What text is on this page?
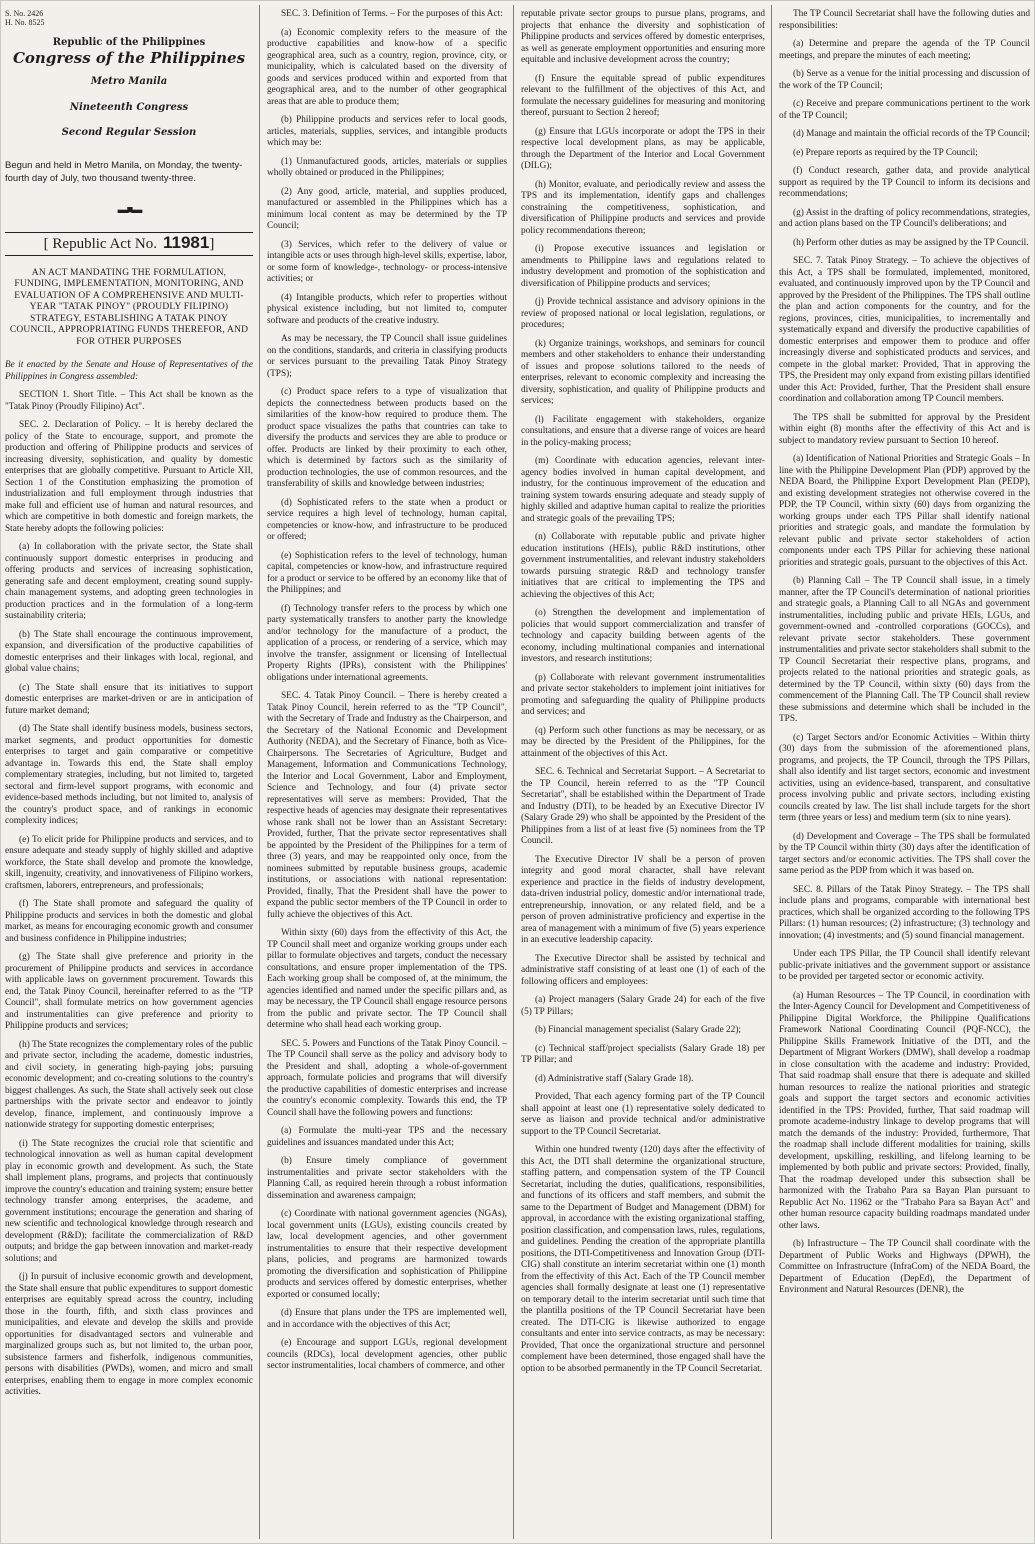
S. No. 2426
H. No. 8525
Republic of the Philippines
Congress of the Philippines
Metro Manila
Nineteenth Congress
Second Regular Session

Begun and held in Metro Manila, on Monday, the twenty-fourth day of July, two thousand twenty-three.

▬■▬
[ Republic Act No. 11981]

AN ACT MANDATING THE FORMULATION, FUNDING, IMPLEMENTATION, MONITORING, AND EVALUATION OF A COMPREHENSIVE AND MULTI-YEAR "TATAK PINOY" (PROUDLY FILIPINO) STRATEGY, ESTABLISHING A TATAK PINOY COUNCIL, APPROPRIATING FUNDS THEREFOR, AND FOR OTHER PURPOSES

Be it enacted by the Senate and House of Representatives of the Philippines in Congress assembled:

SECTION 1. Short Title. – This Act shall be known as the "Tatak Pinoy (Proudly Filipino) Act".

SEC. 2. Declaration of Policy. – It is hereby declared the policy of the State to encourage, support, and promote the production and offering of Philippine products and services of increasing diversity, sophistication, and quality by domestic enterprises that are globally competitive. Pursuant to Article XII, Section 1 of the Constitution emphasizing the promotion of industrialization and full employment through industries that make full and efficient use of human and natural resources, and which are competitive in both domestic and foreign markets, the State hereby adopts the following policies:

(a) In collaboration with the private sector, the State shall continuously support domestic enterprises in producing and offering products and services of increasing sophistication, generating safe and decent employment, creating sound supply-chain management systems, and adopting green technologies in production practices and in the formulation of a long-term sustainability criteria;

(b) The State shall encourage the continuous improvement, expansion, and diversification of the productive capabilities of domestic enterprises and their linkages with local, regional, and global value chains;

(c) The State shall ensure that its initiatives to support domestic enterprises are market-driven or are in anticipation of future market demand;

(d) The State shall identify business models, business sectors, market segments, and product opportunities for domestic enterprises to target and gain comparative or competitive advantage in. Towards this end, the State shall employ complementary strategies, including, but not limited to, targeted sectoral and firm-level support programs, with economic and evidence-based methods including, but not limited to, analysis of the country's product space, and of rankings in economic complexity indices;

(e) To elicit pride for Philippine products and services, and to ensure adequate and steady supply of highly skilled and adaptive workforce, the State shall develop and promote the knowledge, skill, ingenuity, creativity, and innovativeness of Filipino workers, craftsmen, laborers, entrepreneurs, and professionals;

(f) The State shall promote and safeguard the quality of Philippine products and services in both the domestic and global market, as means for encouraging economic growth and consumer and business confidence in Philippine industries;

(g) The State shall give preference and priority in the procurement of Philippine products and services in accordance with applicable laws on government procurement. Towards this end, the Tatak Pinoy Council, hereinafter referred to as the "TP Council", shall formulate metrics on how government agencies and instrumentalities can give preference and priority to Philippine products and services;

(h) The State recognizes the complementary roles of the public and private sector, including the academe, domestic industries, and civil society, in generating high-paying jobs; pursuing economic development; and co-creating solutions to the country's biggest challenges. As such, the State shall actively seek out close partnerships with the private sector and endeavor to jointly develop, finance, implement, and continuously improve a nationwide strategy for supporting domestic enterprises;

(i) The State recognizes the crucial role that scientific and technological innovation as well as human capital development play in economic growth and development. As such, the State shall implement plans, programs, and projects that continuously improve the country's education and training system; ensure better technology transfer among enterprises, the academe, and government institutions; encourage the generation and sharing of new scientific and technological knowledge through research and development (R&D); facilitate the commercialization of R&D outputs; and bridge the gap between innovation and market-ready solutions; and

(j) In pursuit of inclusive economic growth and development, the State shall ensure that public expenditures to support domestic enterprises are equitably spread across the country, including those in the fourth, fifth, and sixth class provinces and municipalities, and elevate and develop the skills and provide opportunities for disadvantaged sectors and vulnerable and marginalized groups such as, but not limited to, the urban poor, subsistence farmers and fisherfolk, indigenous communities, persons with disabilities (PWDs), women, and micro and small enterprises, enabling them to engage in more complex economic activities.

SEC. 3. Definition of Terms. – For the purposes of this Act:

(a) Economic complexity refers to the measure of the productive capabilities and know-how of a specific geographical area, such as a country, region, province, city, or municipality, which is calculated based on the diversity of goods and services produced within and exported from that geographical area, and to the number of other geographical areas that are able to produce them;

(b) Philippine products and services refer to local goods, articles, materials, supplies, services, and intangible products which may be:

(1) Unmanufactured goods, articles, materials or supplies wholly obtained or produced in the Philippines;

(2) Any good, article, material, and supplies produced, manufactured or assembled in the Philippines which has a minimum local content as may be determined by the TP Council;

(3) Services, which refer to the delivery of value or intangible acts or uses through high-level skills, expertise, labor, or some form of knowledge-, technology- or process-intensive activities; or

(4) Intangible products, which refer to properties without physical existence including, but not limited to, computer software and products of the creative industry.

As may be necessary, the TP Council shall issue guidelines on the conditions, standards, and criteria in classifying products or services pursuant to the prevailing Tatak Pinoy Strategy (TPS);

(c) Product space refers to a type of visualization that depicts the connectedness between products based on the similarities of the know-how required to produce them. The product space visualizes the paths that countries can take to diversify the products and services they are able to produce or offer. Products are linked by their proximity to each other, which is determined by factors such as the similarity of production technologies, the use of common resources, and the transferability of skills and knowledge between industries;

(d) Sophisticated refers to the state when a product or service requires a high level of technology, human capital, competencies or know-how, and infrastructure to be produced or offered;

(e) Sophistication refers to the level of technology, human capital, competencies or know-how, and infrastructure required for a product or service to be offered by an economy like that of the Philippines; and

(f) Technology transfer refers to the process by which one party systematically transfers to another party the knowledge and/or technology for the manufacture of a product, the application of a process, or rendering of a service, which may involve the transfer, assignment or licensing of Intellectual Property Rights (IPRs), consistent with the Philippines' obligations under international agreements.

SEC. 4. Tatak Pinoy Council. – There is hereby created a Tatak Pinoy Council, herein referred to as the "TP Council", with the Secretary of Trade and Industry as the Chairperson, and the Secretary of the National Economic and Development Authority (NEDA), and the Secretary of Finance, both as Vice-Chairpersons. The Secretaries of Agriculture, Budget and Management, Information and Communications Technology, the Interior and Local Government, Labor and Employment, Science and Technology, and four (4) private sector representatives will serve as members: Provided, That the respective heads of agencies may designate their representatives whose rank shall not be lower than an Assistant Secretary: Provided, further, That the private sector representatives shall be appointed by the President of the Philippines for a term of three (3) years, and may be reappointed only once, from the nominees submitted by reputable business groups, academic institutions, or associations with national representation: Provided, finally, That the President shall have the power to expand the public sector members of the TP Council in order to fully achieve the objectives of this Act.

Within sixty (60) days from the effectivity of this Act, the TP Council shall meet and organize working groups under each pillar to formulate objectives and targets, conduct the necessary consultations, and ensure proper implementation of the TPS. Each working group shall be composed of, at the minimum, the agencies identified and named under the specific pillars and, as may be necessary, the TP Council shall engage resource persons from the public and private sector. The TP Council shall determine who shall head each working group.

SEC. 5. Powers and Functions of the Tatak Pinoy Council. – The TP Council shall serve as the policy and advisory body to the President and shall, adopting a whole-of-government approach, formulate policies and programs that will diversify the productive capabilities of domestic enterprises and increase the country's economic complexity. Towards this end, the TP Council shall have the following powers and functions:

(a) Formulate the multi-year TPS and the necessary guidelines and issuances mandated under this Act;

(b) Ensure timely compliance of government instrumentalities and private sector stakeholders with the Planning Call, as required herein through a robust information dissemination and awareness campaign;

(c) Coordinate with national government agencies (NGAs), local government units (LGUs), existing councils created by law, local development agencies, and other government instrumentalities to ensure that their respective development plans, policies, and programs are harmonized towards promoting the diversification and sophistication of Philippine products and services offered by domestic enterprises, whether exported or consumed locally;

(d) Ensure that plans under the TPS are implemented well, and in accordance with the objectives of this Act;

(e) Encourage and support LGUs, regional development councils (RDCs), local development agencies, other public sector instrumentalities, local chambers of commerce, and other

reputable private sector groups to pursue plans, programs, and projects that enhance the diversity and sophistication of Philippine products and services offered by domestic enterprises, as well as generate employment opportunities and ensuring more equitable and inclusive development across the country;

(f) Ensure the equitable spread of public expenditures relevant to the fulfillment of the objectives of this Act, and formulate the necessary guidelines for measuring and monitoring thereof, pursuant to Section 2 hereof;

(g) Ensure that LGUs incorporate or adopt the TPS in their respective local development plans, as may be applicable, through the Department of the Interior and Local Government (DILG);

(h) Monitor, evaluate, and periodically review and assess the TPS and its implementation, identify gaps and challenges constraining the competitiveness, sophistication, and diversification of Philippine products and services and provide policy recommendations thereon;

(i) Propose executive issuances and legislation or amendments to Philippine laws and regulations related to industry development and promotion of the sophistication and diversification of Philippine products and services;

(j) Provide technical assistance and advisory opinions in the review of proposed national or local legislation, regulations, or procedures;

(k) Organize trainings, workshops, and seminars for council members and other stakeholders to enhance their understanding of issues and propose solutions tailored to the needs of enterprises, relevant to economic complexity and increasing the diversity, sophistication, and quality of Philippine products and services;

(l) Facilitate engagement with stakeholders, organize consultations, and ensure that a diverse range of voices are heard in the policy-making process;

(m) Coordinate with education agencies, relevant inter-agency bodies involved in human capital development, and industry, for the continuous improvement of the education and training system towards ensuring adequate and steady supply of highly skilled and adaptive human capital to realize the priorities and strategic goals of the prevailing TPS;

(n) Collaborate with reputable public and private higher education institutions (HEIs), public R&D institutions, other government instrumentalities, and relevant industry stakeholders towards pursuing strategic R&D and technology transfer initiatives that are critical to implementing the TPS and achieving the objectives of this Act;

(o) Strengthen the development and implementation of policies that would support commercialization and transfer of technology and capacity building between agents of the economy, including multinational companies and international investors, and research institutions;

(p) Collaborate with relevant government instrumentalities and private sector stakeholders to implement joint initiatives for promoting and safeguarding the quality of Philippine products and services; and

(q) Perform such other functions as may be necessary, or as may be directed by the President of the Philippines, for the attainment of the objectives of this Act.

SEC. 6. Technical and Secretariat Support. – A Secretariat to the TP Council, herein referred to as the "TP Council Secretariat", shall be established within the Department of Trade and Industry (DTI), to be headed by an Executive Director IV (Salary Grade 29) who shall be appointed by the President of the Philippines from a list of at least five (5) nominees from the TP Council.

The Executive Director IV shall be a person of proven integrity and good moral character, shall have relevant experience and practice in the fields of industry development, data-driven industrial policy, domestic and/or international trade, entrepreneurship, innovation, or any related field, and be a person of proven administrative proficiency and expertise in the area of management with a minimum of five (5) years experience in an executive leadership capacity.

The Executive Director shall be assisted by technical and administrative staff consisting of at least one (1) of each of the following officers and employees:

(a) Project managers (Salary Grade 24) for each of the five (5) TP Pillars;

(b) Financial management specialist (Salary Grade 22);

(c) Technical staff/project specialists (Salary Grade 18) per TP Pillar; and

(d) Administrative staff (Salary Grade 18).

Provided, That each agency forming part of the TP Council shall appoint at least one (1) representative solely dedicated to serve as liaison and provide technical and/or administrative support to the TP Council Secretariat.

Within one hundred twenty (120) days after the effectivity of this Act, the DTI shall determine the organizational structure, staffing pattern, and compensation system of the TP Council Secretariat, including the duties, qualifications, responsibilities, and functions of its officers and staff members, and submit the same to the Department of Budget and Management (DBM) for approval, in accordance with the existing organizational staffing, position classification, and compensation laws, rules, regulations, and guidelines. Pending the creation of the appropriate plantilla positions, the DTI-Competitiveness and Innovation Group (DTI-CIG) shall constitute an interim secretariat within one (1) month from the effectivity of this Act. Each of the TP Council member agencies shall formally designate at least one (1) representative on temporary detail to the interim secretariat until such time that the plantilla positions of the TP Council Secretariat have been created. The DTI-CIG is likewise authorized to engage consultants and enter into service contracts, as may be necessary: Provided, That once the organizational structure and personnel complement have been determined, those engaged shall have the option to be absorbed permanently in the TP Council Secretariat.

The TP Council Secretariat shall have the following duties and responsibilities:

(a) Determine and prepare the agenda of the TP Council meetings, and prepare the minutes of each meeting;

(b) Serve as a venue for the initial processing and discussion of the work of the TP Council;

(c) Receive and prepare communications pertinent to the work of the TP Council;

(d) Manage and maintain the official records of the TP Council;

(e) Prepare reports as required by the TP Council;

(f) Conduct research, gather data, and provide analytical support as required by the TP Council to inform its decisions and recommendations;

(g) Assist in the drafting of policy recommendations, strategies, and action plans based on the TP Council's deliberations; and

(h) Perform other duties as may be assigned by the TP Council.

SEC. 7. Tatak Pinoy Strategy. – To achieve the objectives of this Act, a TPS shall be formulated, implemented, monitored, evaluated, and continuously improved upon by the TP Council and approved by the President of the Philippines. The TPS shall outline the plan and action components for the country, and for the regions, provinces, cities, municipalities, to incrementally and systematically expand and diversify the productive capabilities of domestic enterprises and empower them to produce and offer increasingly diverse and sophisticated products and services, and compete in the global market: Provided, That in approving the TPS, the President may only expand from existing pillars identified under this Act: Provided, further, That the President shall ensure coordination and collaboration among TP Council members.

The TPS shall be submitted for approval by the President within eight (8) months after the effectivity of this Act and is subject to mandatory review pursuant to Section 10 hereof.

(a) Identification of National Priorities and Strategic Goals – In line with the Philippine Development Plan (PDP) approved by the NEDA Board, the Philippine Export Development Plan (PEDP), and existing development strategies not otherwise covered in the PDP, the TP Council, within sixty (60) days from organizing the working groups under each TPS Pillar shall identify national priorities and strategic goals, and mandate the formulation by relevant public and private sector stakeholders of action components under each TPS Pillar for achieving these national priorities and strategic goals, pursuant to the objectives of this Act.

(b) Planning Call – The TP Council shall issue, in a timely manner, after the TP Council's determination of national priorities and strategic goals, a Planning Call to all NGAs and government instrumentalities, including public and private HEIs, LGUs, and government-owned and -controlled corporations (GOCCs), and relevant private sector stakeholders. These government instrumentalities and private sector stakeholders shall submit to the TP Council Secretariat their respective plans, programs, and projects related to the national priorities and strategic goals, as determined by the TP Council, within sixty (60) days from the commencement of the Planning Call. The TP Council shall review these submissions and determine which shall be included in the TPS.

(c) Target Sectors and/or Economic Activities – Within thirty (30) days from the submission of the aforementioned plans, programs, and projects, the TP Council, through the TPS Pillars, shall also identify and list target sectors, economic and investment activities, using an evidence-based, transparent, and consultative process involving public and private sectors, including existing councils created by law. The list shall include targets for the short term (three years or less) and medium term (six to nine years).

(d) Development and Coverage – The TPS shall be formulated by the TP Council within thirty (30) days after the identification of target sectors and/or economic activities. The TPS shall cover the same period as the PDP from which it was based on.

SEC. 8. Pillars of the Tatak Pinoy Strategy. – The TPS shall include plans and programs, comparable with international best practices, which shall be organized according to the following TPS Pillars: (1) human resources; (2) infrastructure; (3) technology and innovation; (4) investments; and (5) sound financial management.

Under each TPS Pillar, the TP Council shall identify relevant public-private initiatives and the government support or assistance to be provided per targeted sector or economic activity.

(a) Human Resources – The TP Council, in coordination with the Inter-Agency Council for Development and Competitiveness of Philippine Digital Workforce, the Philippine Qualifications Framework National Coordinating Council (PQF-NCC), the Philippine Skills Framework Initiative of the DTI, and the Department of Migrant Workers (DMW), shall develop a roadmap in close consultation with the academe and industry: Provided, That said roadmap shall ensure that there is adequate and skilled human resources to realize the national priorities and strategic goals and support the target sectors and economic activities identified in the TPS: Provided, further, That said roadmap will promote academe-industry linkage to develop programs that will match the demands of the industry: Provided, furthermore, That the roadmap shall include different modalities for training, skills development, upskilling, reskilling, and lifelong learning to be implemented by both public and private sectors: Provided, finally, That the roadmap developed under this subsection shall be harmonized with the Trabaho Para sa Bayan Plan pursuant to Republic Act No. 11962 or the "Trabaho Para sa Bayan Act" and other human resource capacity building roadmaps mandated under other laws.

(b) Infrastructure – The TP Council shall coordinate with the Department of Public Works and Highways (DPWH), the Committee on Infrastructure (InfraCom) of the NEDA Board, the Department of Education (DepEd), the Department of Environment and Natural Resources (DENR), the
